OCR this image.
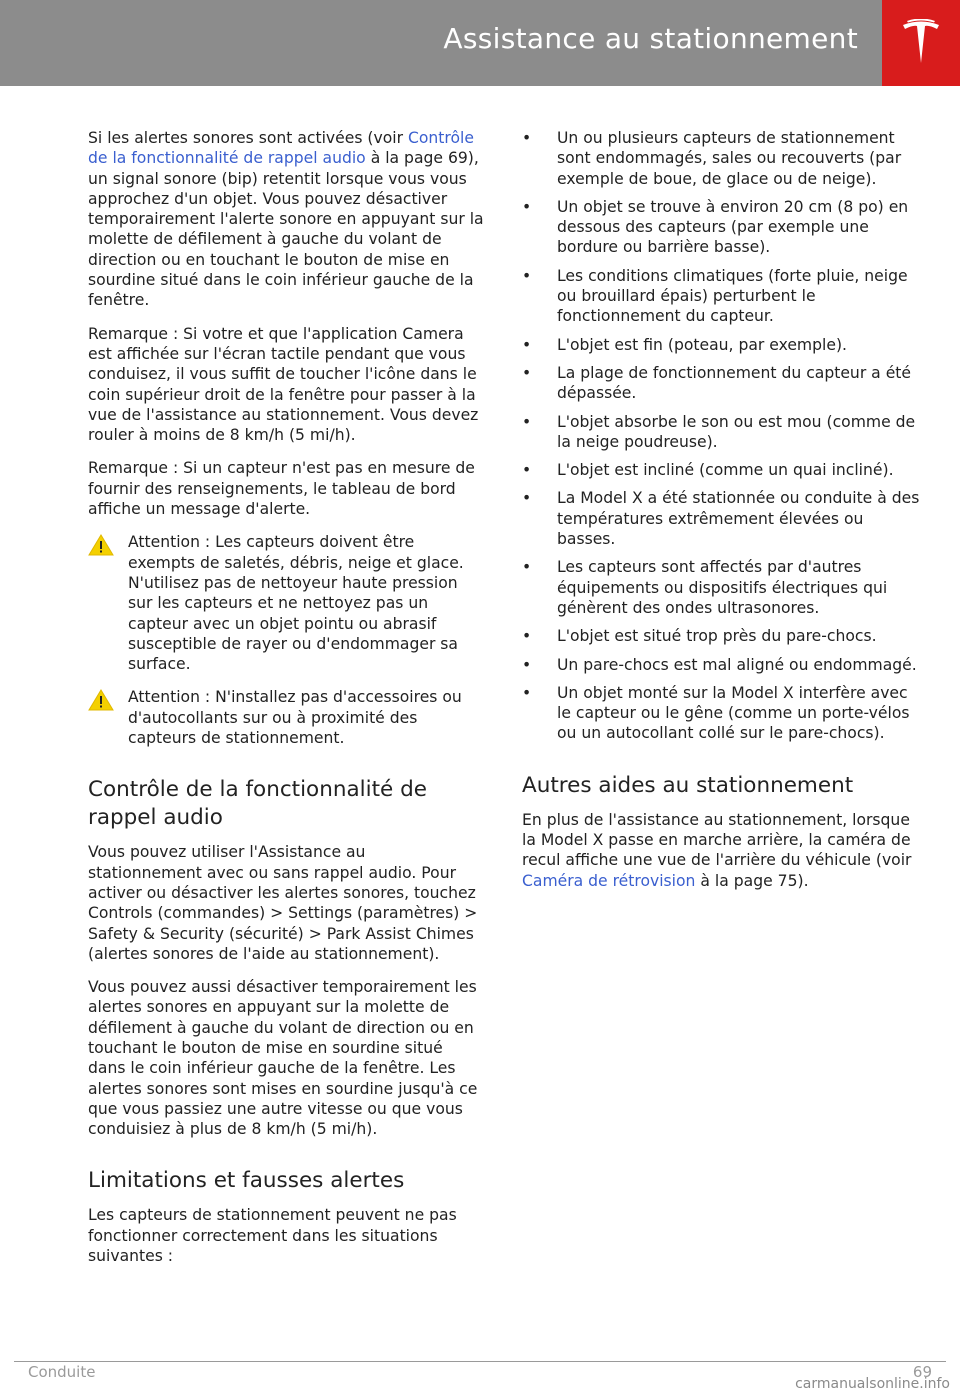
Assistance au stationnement

Si les alertes sonores sont activées (voir Contrôle de la fonctionnalité de rappel audio à la page 69), un signal sonore (bip) retentit lorsque vous vous approchez d'un objet. Vous pouvez désactiver temporairement l'alerte sonore en appuyant sur la molette de défilement à gauche du volant de direction ou en touchant le bouton de mise en sourdine situé dans le coin inférieur gauche de la fenêtre.

Remarque : Si votre et que l'application Camera est affichée sur l'écran tactile pendant que vous conduisez, il vous suffit de toucher l'icône dans le coin supérieur droit de la fenêtre pour passer à la vue de l'assistance au stationnement. Vous devez rouler à moins de 8 km/h (5 mi/h).

Remarque : Si un capteur n'est pas en mesure de fournir des renseignements, le tableau de bord affiche un message d'alerte.

Attention : Les capteurs doivent être exempts de saletés, débris, neige et glace. N'utilisez pas de nettoyeur haute pression sur les capteurs et ne nettoyez pas un capteur avec un objet pointu ou abrasif susceptible de rayer ou d'endommager sa surface.
Attention : N'installez pas d'accessoires ou d'autocollants sur ou à proximité des capteurs de stationnement.
Contrôle de la fonctionnalité de rappel audio

Vous pouvez utiliser l'Assistance au stationnement avec ou sans rappel audio. Pour activer ou désactiver les alertes sonores, touchez Controls (commandes) > Settings (paramètres) > Safety & Security (sécurité) > Park Assist Chimes (alertes sonores de l'aide au stationnement).

Vous pouvez aussi désactiver temporairement les alertes sonores en appuyant sur la molette de défilement à gauche du volant de direction ou en touchant le bouton de mise en sourdine situé dans le coin inférieur gauche de la fenêtre. Les alertes sonores sont mises en sourdine jusqu'à ce que vous passiez une autre vitesse ou que vous conduisiez à plus de 8 km/h (5 mi/h).

Limitations et fausses alertes

Les capteurs de stationnement peuvent ne pas fonctionner correctement dans les situations suivantes :

• Un ou plusieurs capteurs de stationnement sont endommagés, sales ou recouverts (par exemple de boue, de glace ou de neige).
• Un objet se trouve à environ 20 cm (8 po) en dessous des capteurs (par exemple une bordure ou barrière basse).
• Les conditions climatiques (forte pluie, neige ou brouillard épais) perturbent le fonctionnement du capteur.
• L'objet est fin (poteau, par exemple).
• La plage de fonctionnement du capteur a été dépassée.
• L'objet absorbe le son ou est mou (comme de la neige poudreuse).
• L'objet est incliné (comme un quai incliné).
• La Model X a été stationnée ou conduite à des températures extrêmement élevées ou basses.
• Les capteurs sont affectés par d'autres équipements ou dispositifs électriques qui génèrent des ondes ultrasonores.
• L'objet est situé trop près du pare-chocs.
• Un pare-chocs est mal aligné ou endommagé.
• Un objet monté sur la Model X interfère avec le capteur ou le gêne (comme un porte-vélos ou un autocollant collé sur le pare-chocs).
Autres aides au stationnement

En plus de l'assistance au stationnement, lorsque la Model X passe en marche arrière, la caméra de recul affiche une vue de l'arrière du véhicule (voir Caméra de rétrovision à la page 75).

Conduite	69
carmanualsonline.info
